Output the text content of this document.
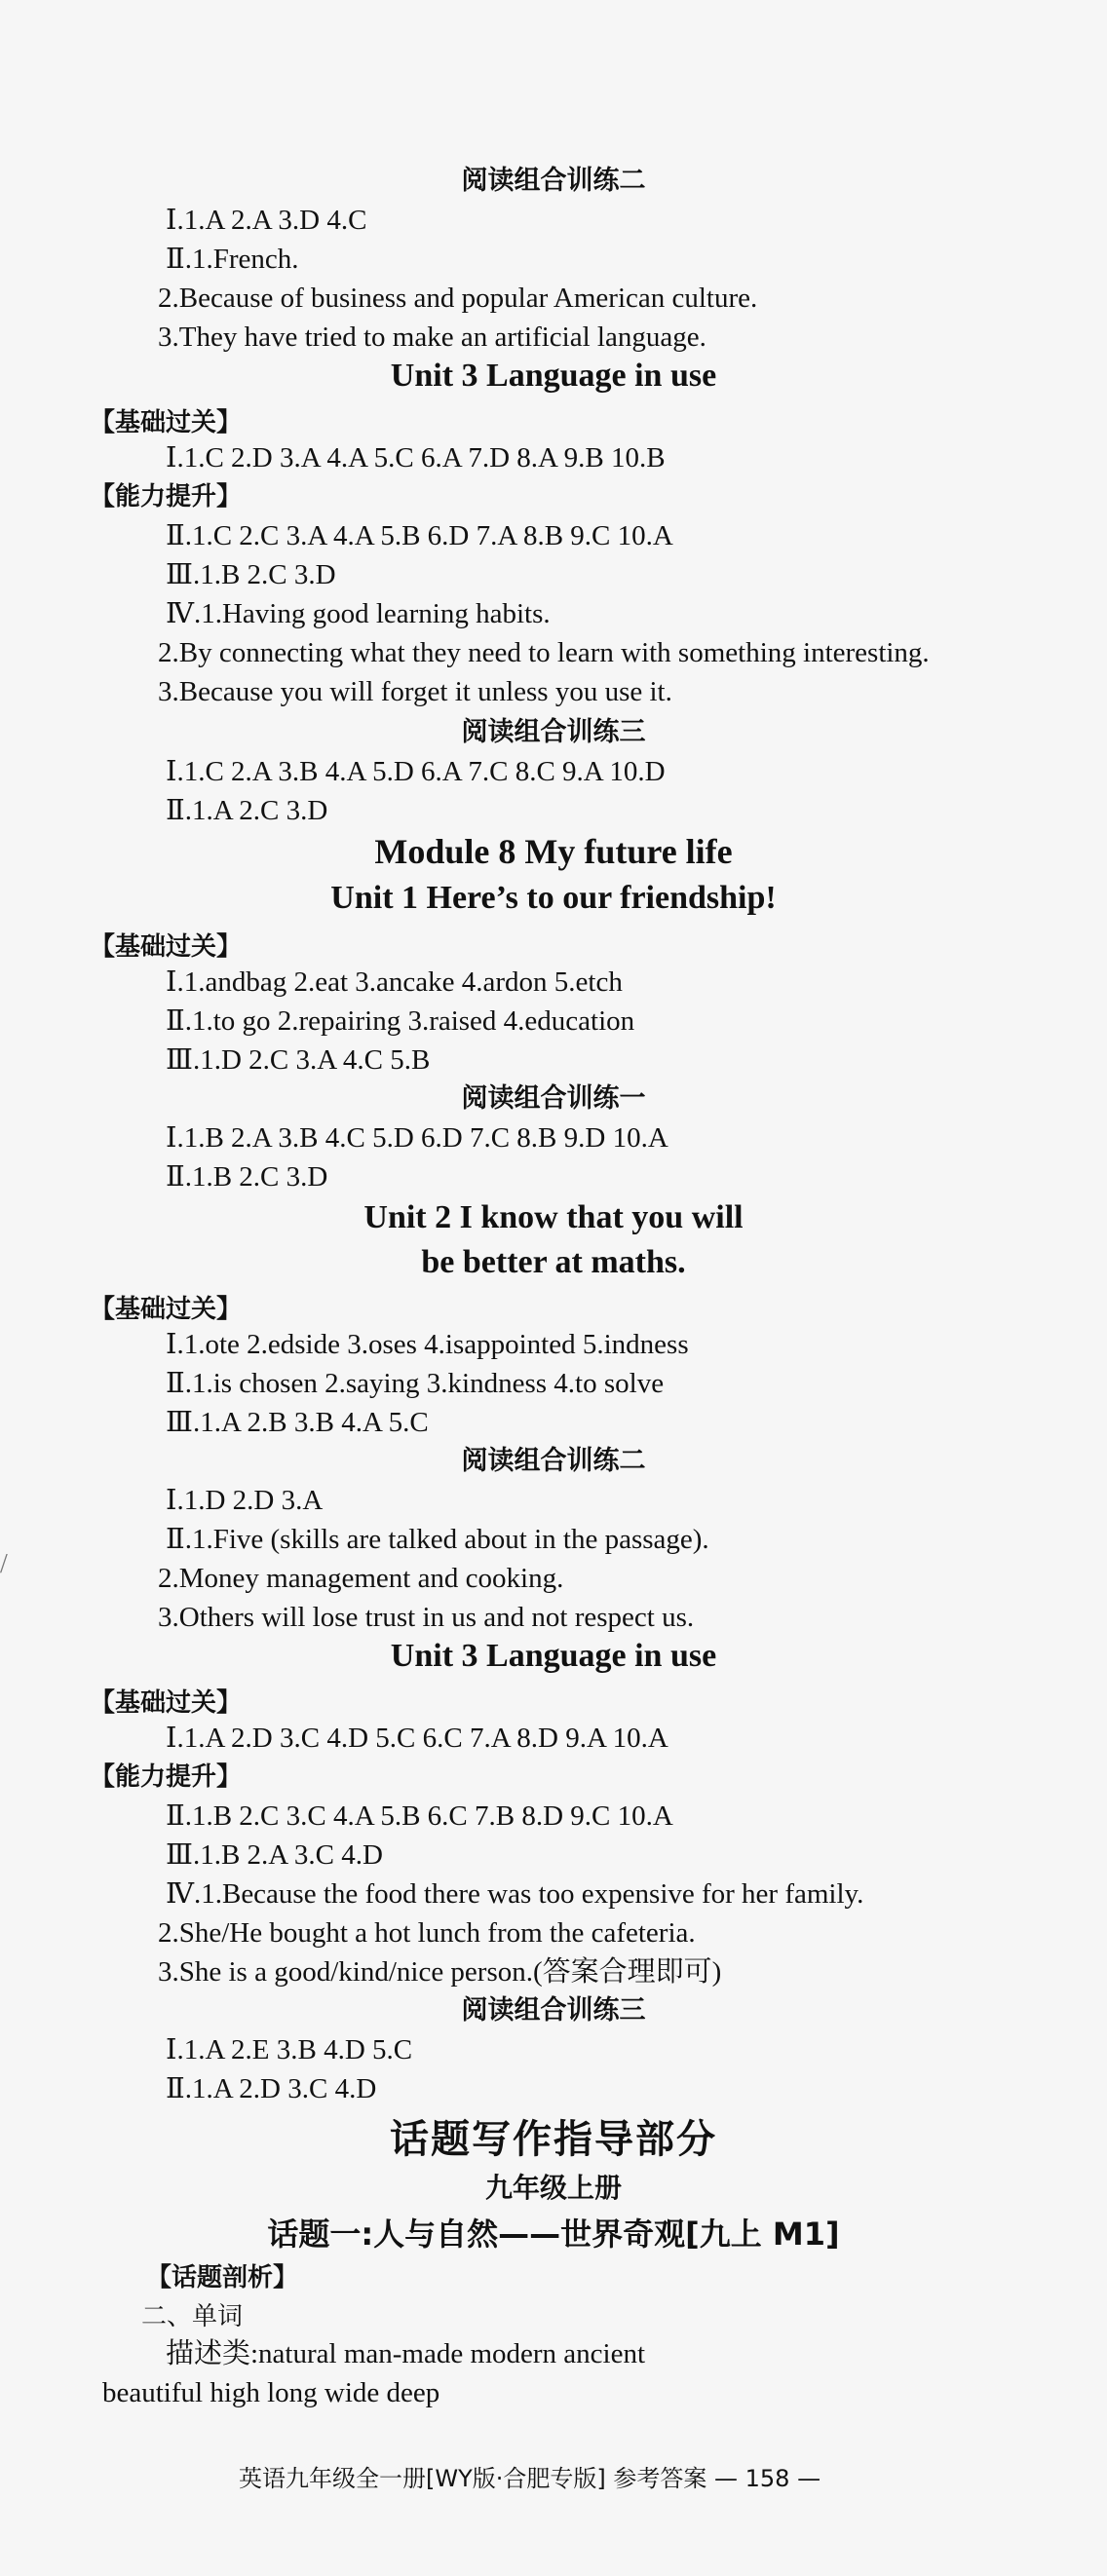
阅读组合训练二
Ⅰ.1.A 2.A 3.D 4.C
Ⅱ.1.French.
2.Because of business and popular American culture.
3.They have tried to make an artificial language.
Unit 3 Language in use
【基础过关】
Ⅰ.1.C 2.D 3.A 4.A 5.C 6.A 7.D 8.A 9.B 10.B
【能力提升】
Ⅱ.1.C 2.C 3.A 4.A 5.B 6.D 7.A 8.B 9.C 10.A
Ⅲ.1.B 2.C 3.D
Ⅳ.1.Having good learning habits.
2.By connecting what they need to learn with something interesting.
3.Because you will forget it unless you use it.
阅读组合训练三
Ⅰ.1.C 2.A 3.B 4.A 5.D 6.A 7.C 8.C 9.A 10.D
Ⅱ.1.A 2.C 3.D
Module 8 My future life
Unit 1 Here’s to our friendship!
【基础过关】
Ⅰ.1.andbag 2.eat 3.ancake 4.ardon 5.etch
Ⅱ.1.to go 2.repairing 3.raised 4.education
Ⅲ.1.D 2.C 3.A 4.C 5.B
阅读组合训练一
Ⅰ.1.B 2.A 3.B 4.C 5.D 6.D 7.C 8.B 9.D 10.A
Ⅱ.1.B 2.C 3.D
Unit 2 I know that you will
be better at maths.
【基础过关】
Ⅰ.1.ote 2.edside 3.oses 4.isappointed 5.indness
Ⅱ.1.is chosen 2.saying 3.kindness 4.to solve
Ⅲ.1.A 2.B 3.B 4.A 5.C
阅读组合训练二
Ⅰ.1.D 2.D 3.A
Ⅱ.1.Five (skills are talked about in the passage).
2.Money management and cooking.
3.Others will lose trust in us and not respect us.
Unit 3 Language in use
【基础过关】
Ⅰ.1.A 2.D 3.C 4.D 5.C 6.C 7.A 8.D 9.A 10.A
【能力提升】
Ⅱ.1.B 2.C 3.C 4.A 5.B 6.C 7.B 8.D 9.C 10.A
Ⅲ.1.B 2.A 3.C 4.D
Ⅳ.1.Because the food there was too expensive for her family.
2.She/He bought a hot lunch from the cafeteria.
3.She is a good/kind/nice person.(答案合理即可)
阅读组合训练三
Ⅰ.1.A 2.E 3.B 4.D 5.C
Ⅱ.1.A 2.D 3.C 4.D
话题写作指导部分
九年级上册
话题一:人与自然——世界奇观[九上 M1]
【话题剖析】
二、单词
描述类:natural man-made modern ancient
beautiful high long wide deep
英语九年级全一册[WY版·合肥专版] 参考答案 — 158 —
/
